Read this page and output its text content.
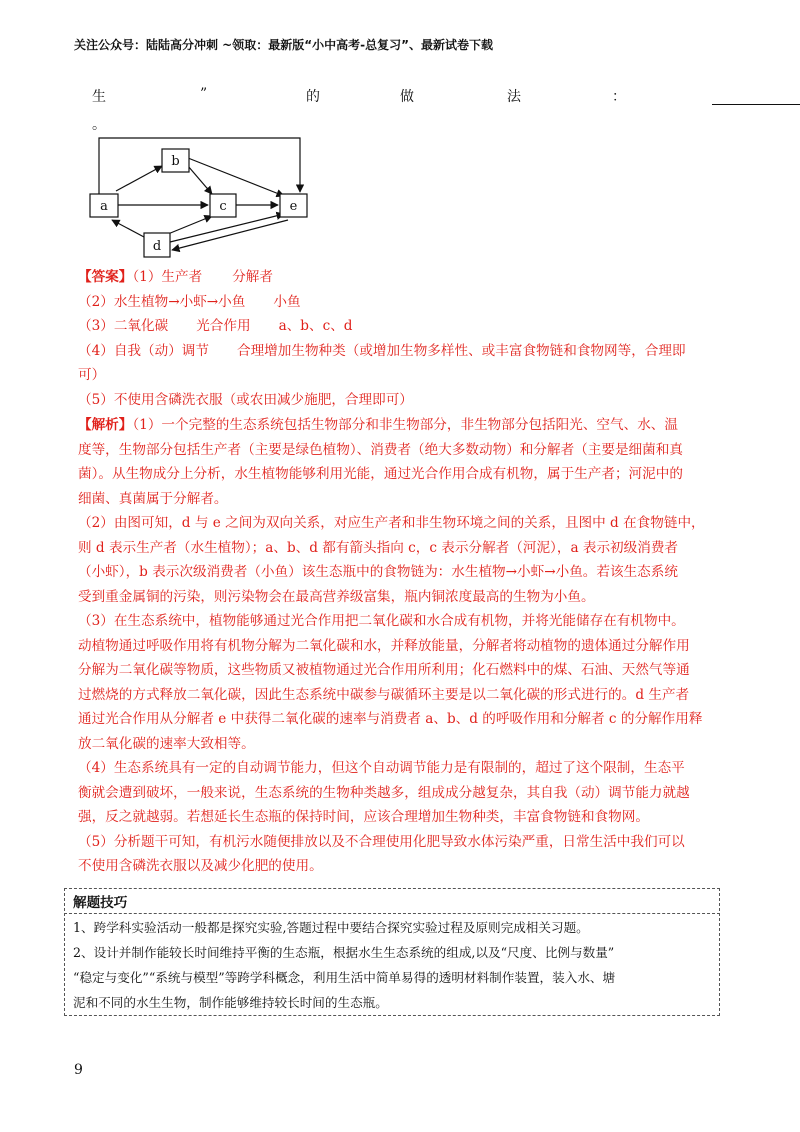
关注公众号：陆陆高分冲刺 ~领取：最新版“小中高考-总复习”、最新试卷下载
生	”	的	做	法	：
。
a
b
c
d
e
【答案】（1）生产者 分解者
（2）水生植物→小虾→小鱼 小鱼
（3）二氧化碳 光合作用 a、b、c、d
（4）自我（动）调节 合理增加生物种类（或增加生物多样性、或丰富食物链和食物网等，合理即
可）
（5）不使用含磷洗衣服（或农田减少施肥，合理即可）
【解析】（1）一个完整的生态系统包括生物部分和非生物部分，非生物部分包括阳光、空气、水、温
度等，生物部分包括生产者（主要是绿色植物）、消费者（绝大多数动物）和分解者（主要是细菌和真
菌）。从生物成分上分析，水生植物能够利用光能，通过光合作用合成有机物，属于生产者；河泥中的
细菌、真菌属于分解者。
（2）由图可知，d 与 e 之间为双向关系，对应生产者和非生物环境之间的关系，且图中 d 在食物链中，
则 d 表示生产者（水生植物）；a、b、d 都有箭头指向 c，c 表示分解者（河泥），a 表示初级消费者
（小虾），b 表示次级消费者（小鱼）该生态瓶中的食物链为：水生植物→小虾→小鱼。若该生态系统
受到重金属铜的污染，则污染物会在最高营养级富集，瓶内铜浓度最高的生物为小鱼。
（3）在生态系统中，植物能够通过光合作用把二氧化碳和水合成有机物，并将光能储存在有机物中。
动植物通过呼吸作用将有机物分解为二氧化碳和水，并释放能量，分解者将动植物的遗体通过分解作用
分解为二氧化碳等物质，这些物质又被植物通过光合作用所利用；化石燃料中的煤、石油、天然气等通
过燃烧的方式释放二氧化碳，因此生态系统中碳参与碳循环主要是以二氧化碳的形式进行的。d 生产者
通过光合作用从分解者 e 中获得二氧化碳的速率与消费者 a、b、d 的呼吸作用和分解者 c 的分解作用释
放二氧化碳的速率大致相等。
（4）生态系统具有一定的自动调节能力，但这个自动调节能力是有限制的，超过了这个限制，生态平
衡就会遭到破坏，一般来说，生态系统的生物种类越多，组成成分越复杂，其自我（动）调节能力就越
强，反之就越弱。若想延长生态瓶的保持时间，应该合理增加生物种类，丰富食物链和食物网。
（5）分析题干可知，有机污水随便排放以及不合理使用化肥导致水体污染严重，日常生活中我们可以
不使用含磷洗衣服以及减少化肥的使用。
解题技巧

1、跨学科实验活动一般都是探究实验,答题过程中要结合探究实验过程及原则完成相关习题。

2、设计并制作能较长时间维持平衡的生态瓶，根据水生生态系统的组成,以及“尺度、比例与数量”

“稳定与变化”“系统与模型”等跨学科概念，利用生活中简单易得的透明材料制作装置，装入水、塘

泥和不同的水生生物，制作能够维持较长时间的生态瓶。

9
